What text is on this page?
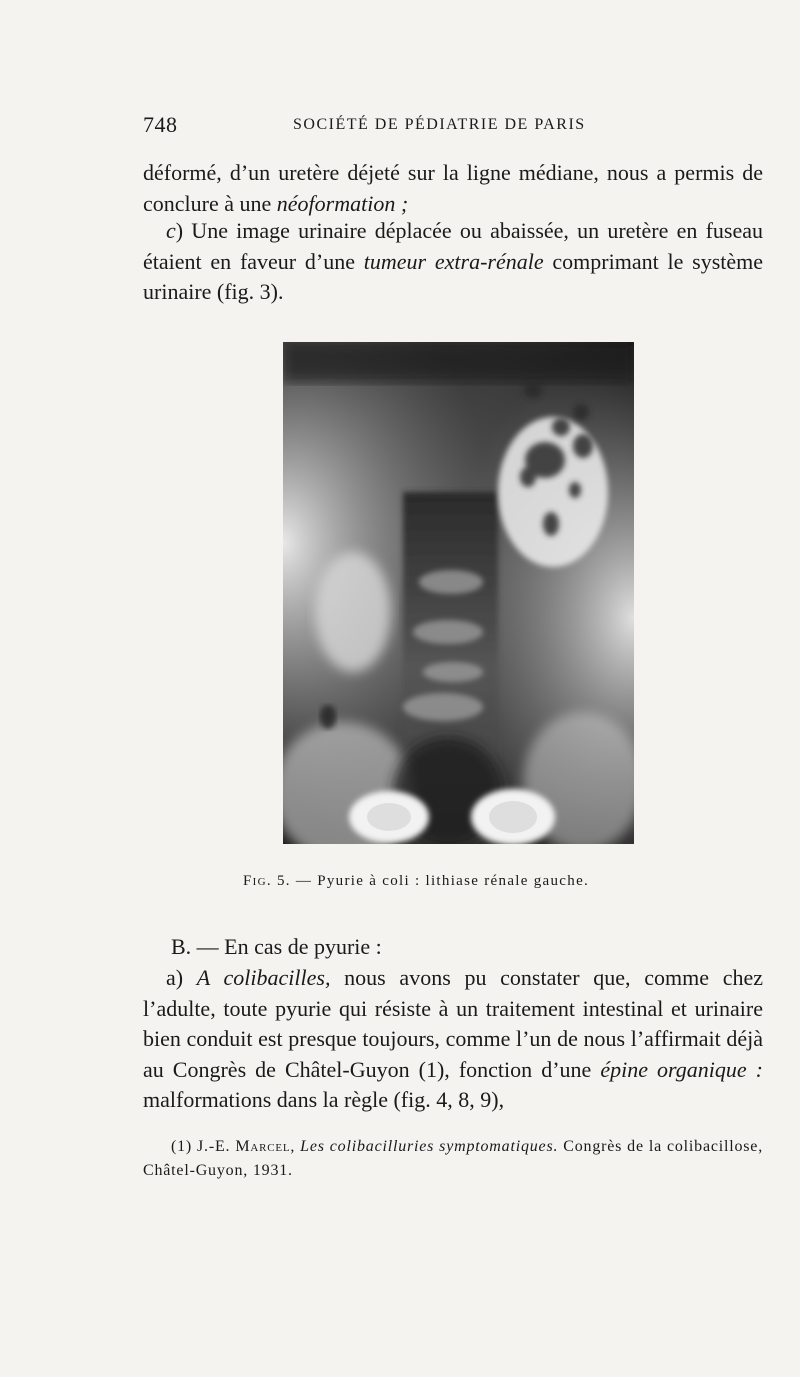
748	SOCIÉTÉ DE PÉDIATRIE DE PARIS
déformé, d’un uretère déjeté sur la ligne médiane, nous a permis de conclure à une néoformation ;
c) Une image urinaire déplacée ou abaissée, un uretère en fuseau étaient en faveur d’une tumeur extra-rénale comprimant le système urinaire (fig. 3).
Fig. 5. — Pyurie à coli : lithiase rénale gauche.
B. — En cas de pyurie :
a) A colibacilles, nous avons pu constater que, comme chez l’adulte, toute pyurie qui résiste à un traitement intestinal et urinaire bien conduit est presque toujours, comme l’un de nous l’affirmait déjà au Congrès de Châtel-Guyon (1), fonction d’une épine organique : malformations dans la règle (fig. 4, 8, 9),
(1) J.-E. Marcel, Les colibacilluries symptomatiques. Congrès de la colibacillose, Châtel-Guyon, 1931.
